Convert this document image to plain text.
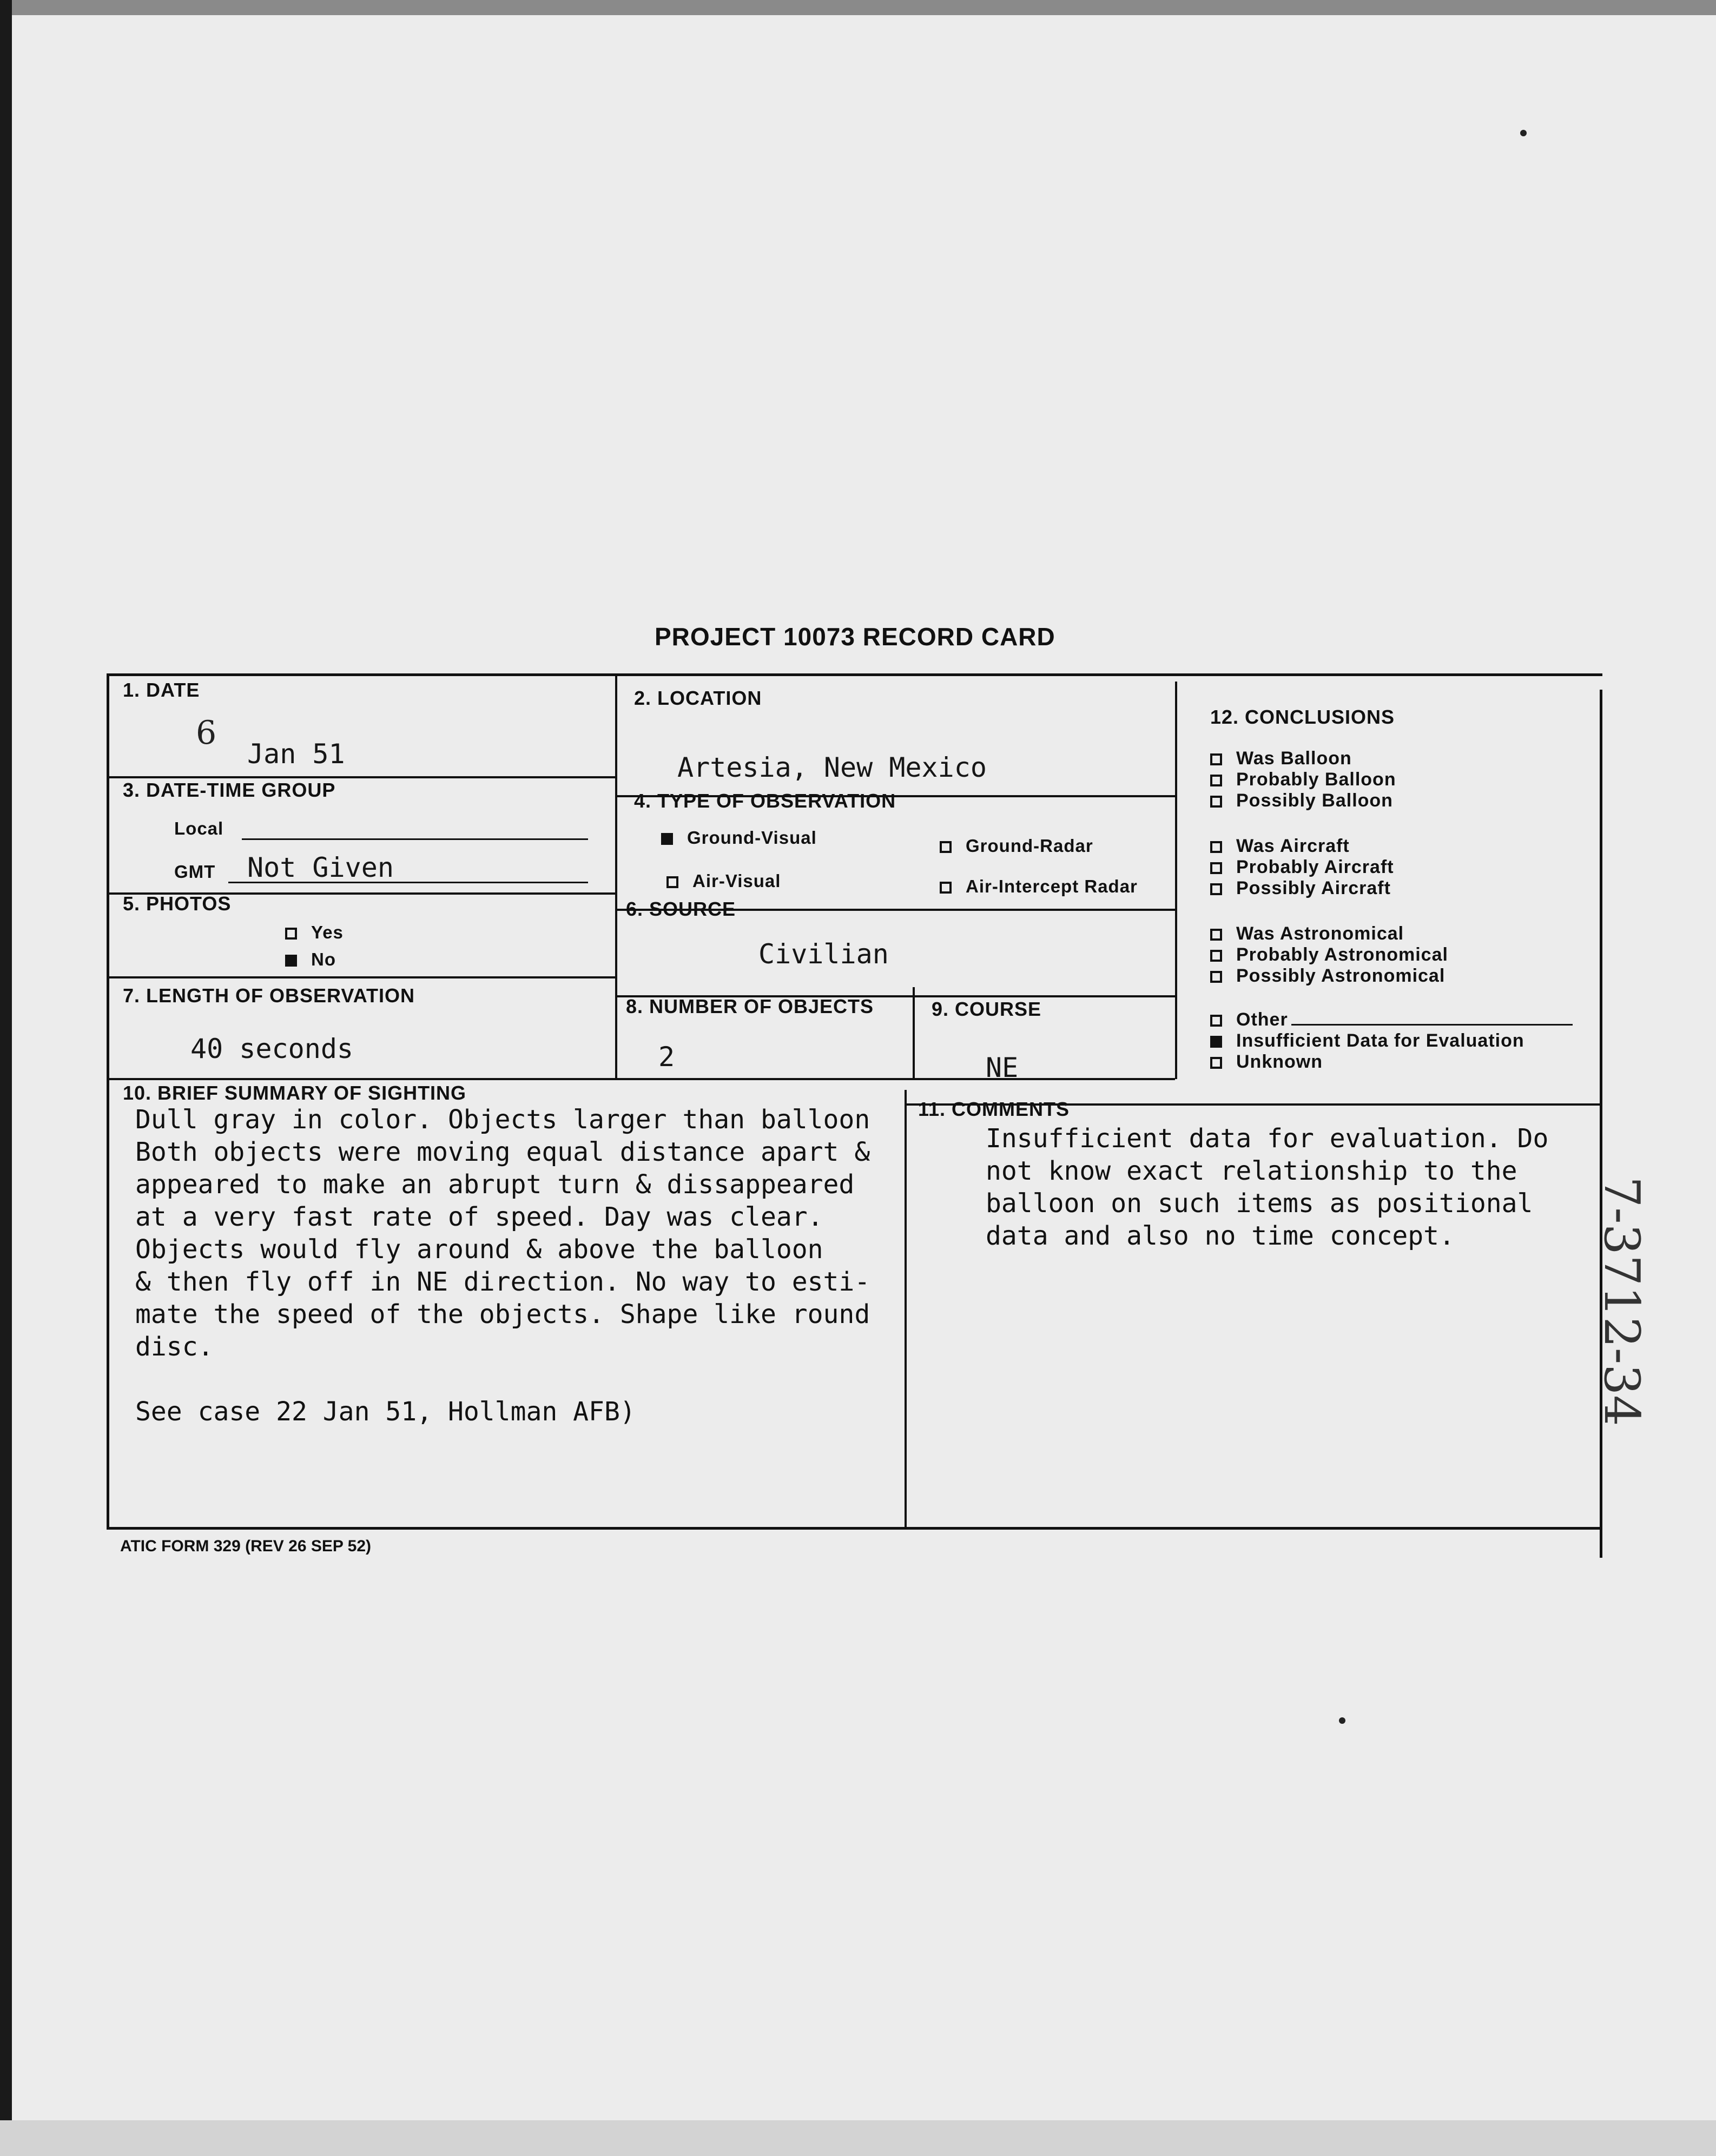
PROJECT 10073 RECORD CARD
1. DATE
6
Jan 51
2. LOCATION
Artesia, New Mexico
3. DATE-TIME GROUP
Local
GMT Not Given
4. TYPE OF OBSERVATION
Ground-Visual	Ground-Radar
Air-Visual	Air-Intercept Radar
5. PHOTOS
Yes
No
6. SOURCE
Civilian
7. LENGTH OF OBSERVATION
40 seconds
8. NUMBER OF OBJECTS
2
9. COURSE
NE
10. BRIEF SUMMARY OF SIGHTING
11. COMMENTS
12. CONCLUSIONS
Was Balloon
Probably Balloon
Possibly Balloon
Was Aircraft
Probably Aircraft
Possibly Aircraft
Was Astronomical
Probably Astronomical
Possibly Astronomical
Other
Insufficient Data for Evaluation
Unknown
Dull gray in color. Objects larger than balloon
Both objects were moving equal distance apart &
appeared to make an abrupt turn & dissappeared
at a very fast rate of speed. Day was clear.
Objects would fly around & above the balloon
& then fly off in NE direction. No way to esti-
mate the speed of the objects. Shape like round
disc.
See case 22 Jan 51, Hollman AFB)
Insufficient data for evaluation. Do
not know exact relationship to the
balloon on such items as positional
data and also no time concept.
ATIC FORM 329 (REV 26 SEP 52)
7-3712-34
